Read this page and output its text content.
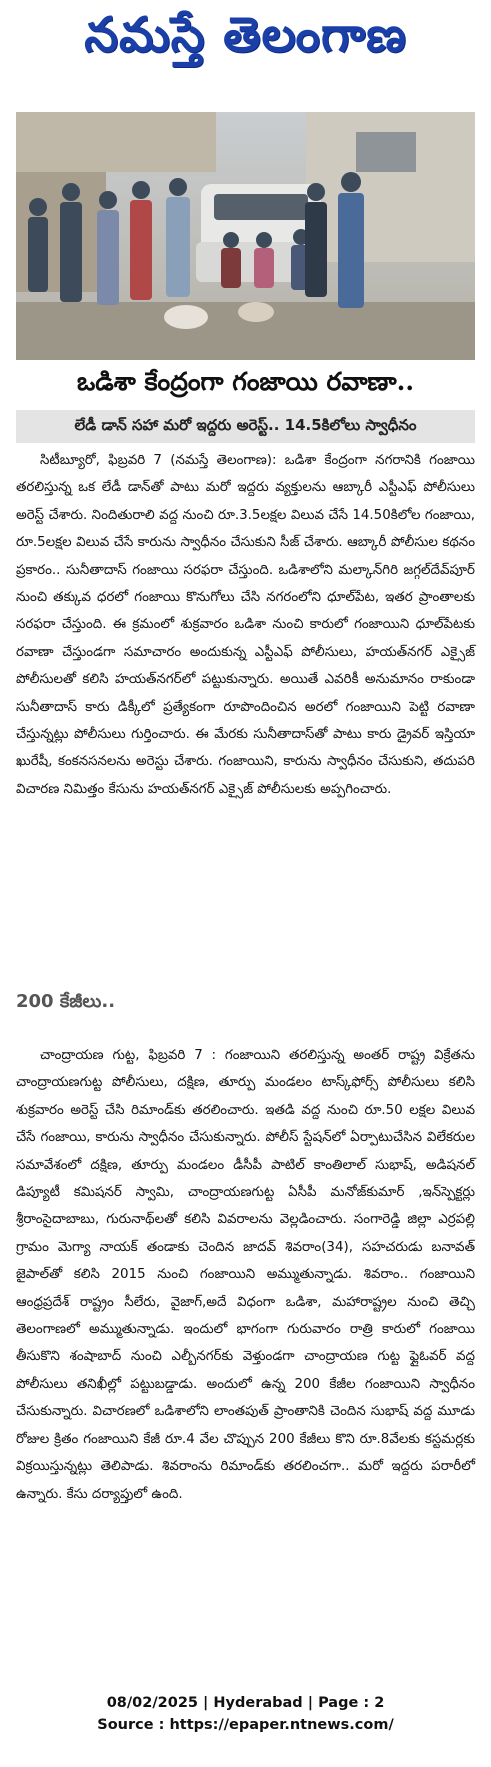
నమస్తే తెలంగాణ
ఒడిశా కేంద్రంగా గంజాయి రవాణా..
లేడీ డాన్‌ సహా మరో ఇద్దరు అరెస్ట్‌.. 14.5కిలోలు స్వాధీనం

సిటీబ్యూరో, ఫిబ్రవరి 7 (నమస్తే తెలంగాణ): ఒడిశా కేంద్రంగా నగరానికి గంజాయి తరలిస్తున్న ఒక లేడీ డాన్‌తో పాటు మరో ఇద్దరు వ్యక్తులను ఆబ్కారీ ఎస్టీఎఫ్‌ పోలీసులు అరెస్ట్‌ చేశారు. నిందితురాలి వద్ద నుంచి రూ.3.5లక్షల విలువ చేసే 14.50కిలోల గంజాయి, రూ.5లక్షల విలువ చేసే కారును స్వాధీనం చేసుకుని సీజ్‌ చేశారు. ఆబ్కారీ పోలీసుల కథనం ప్రకారం.. సునీతాదాస్‌ గంజాయి సరఫరా చేస్తుంది. ఒడిశాలోని మల్కాన్‌గిరి జగ్గల్‌దేవ్‌పూర్‌ నుంచి తక్కువ ధరలో గంజాయి కొనుగోలు చేసి నగరంలోని ధూల్‌పేట, ఇతర ప్రాంతాలకు సరఫరా చేస్తుంది. ఈ క్రమంలో శుక్రవారం ఒడిశా నుంచి కారులో గంజాయిని ధూల్‌పేటకు రవాణా చేస్తుండగా సమాచారం అందుకున్న ఎస్టీఎఫ్‌ పోలీసులు, హయత్‌నగర్‌ ఎక్సైజ్‌ పోలీసులతో కలిసి హయత్‌నగర్‌లో పట్టుకున్నారు. అయితే ఎవరికీ అనుమానం రాకుండా సునీతాదాస్‌ కారు డిక్కీలో ప్రత్యేకంగా రూపొందించిన అరలో గంజాయిని పెట్టి రవాణా చేస్తున్నట్లు పోలీసులు గుర్తించారు. ఈ మేరకు సునీతాదాస్‌తో పాటు కారు డ్రైవర్‌ ఇస్తియా ఖురేషీ, కంకనసనలను అరెస్టు చేశారు. గంజాయిని, కారును స్వాధీనం చేసుకుని, తదుపరి విచారణ నిమిత్తం కేసును హయత్‌నగర్‌ ఎక్సైజ్‌ పోలీసులకు అప్పగించారు.

200 కేజీలు..

చాంద్రాయణ గుట్ట, ఫిబ్రవరి 7 : గంజాయిని తరలిస్తున్న అంతర్‌ రాష్ట్ర విక్రేతను చాంద్రాయణగుట్ట పోలీసులు, దక్షిణ, తూర్పు మండలం టాస్క్‌ఫోర్స్‌ పోలీసులు కలిసి శుక్రవారం అరెస్ట్‌ చేసి రిమాండ్‌కు తరలించారు. ఇతడి వద్ద నుంచి రూ.50 లక్షల విలువ చేసే గంజాయి, కారును స్వాధీనం చేసుకున్నారు. పోలీస్‌ స్టేషన్‌లో ఏర్పాటుచేసిన విలేకరుల సమావేశంలో దక్షిణ, తూర్పు మండలం డీసీపీ పాటిల్‌ కాంతిలాల్‌ సుభాష్‌, అడిషనల్‌ డిప్యూటీ కమిషనర్‌ స్వామి, చాంద్రాయణగుట్ట ఏసీపీ మనోజ్‌కుమార్‌ ,ఇన్‌స్పెక్టర్లు శ్రీరాంసైదాబాబు, గురునాథ్‌లతో కలిసి వివరాలను వెల్లడించారు. సంగారెడ్డి జిల్లా ఎర్రపల్లి గ్రామం మెగ్యా నాయక్‌ తండాకు చెందిన జాదవ్‌ శివరాం(34), సహచరుడు బనావత్‌ జైపాల్‌తో కలిసి 2015 నుంచి గంజాయిని అమ్ముతున్నాడు. శివరాం.. గంజాయిని ఆంధ్రప్రదేశ్‌ రాష్ట్రం సీలేరు, వైజాగ్‌,అదే విధంగా ఒడిశా, మహారాష్ట్రల నుంచి తెచ్చి తెలంగాణలో అమ్ముతున్నాడు. ఇందులో భాగంగా గురువారం రాత్రి కారులో గంజాయి తీసుకొని శంషాబాద్‌ నుంచి ఎల్బీనగర్‌కు వెళ్తుండగా చాంద్రాయణ గుట్ట ఫ్లైఓవర్‌ వద్ద పోలీసులు తనిఖీల్లో పట్టుబడ్డాడు. అందులో ఉన్న 200 కేజీల గంజాయిని స్వాధీనం చేసుకున్నారు. విచారణలో ఒడిశాలోని లాంతపుత్‌ ప్రాంతానికి చెందిన సుభాష్‌ వద్ద మూడు రోజుల క్రితం గంజాయిని కేజీ రూ.4 వేల చొప్పున 200 కేజీలు కొని రూ.8వేలకు కస్టమర్లకు విక్రయిస్తున్నట్లు తెలిపాడు. శివరాంను రిమాండ్‌కు తరలించగా.. మరో ఇద్దరు పరారీలో ఉన్నారు. కేసు దర్యాప్తులో ఉంది.

08/02/2025 | Hyderabad | Page : 2
Source : https://epaper.ntnews.com/
